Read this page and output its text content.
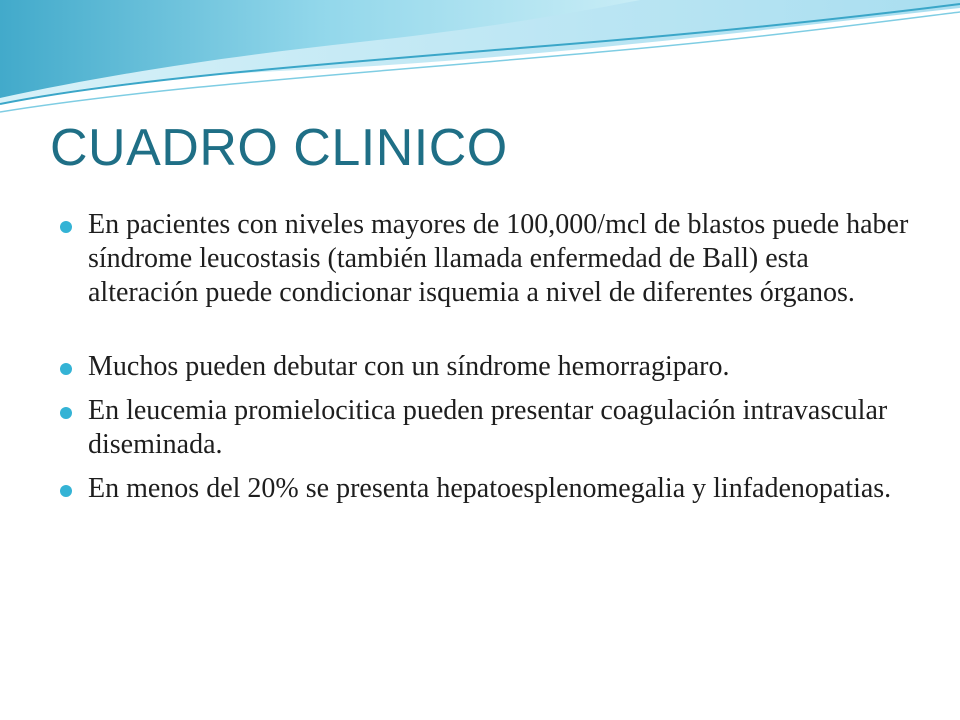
CUADRO CLINICO
En pacientes con niveles mayores de 100,000/mcl de blastos puede haber síndrome leucostasis (también llamada enfermedad de Ball) esta alteración puede condicionar isquemia a nivel de diferentes órganos.
Muchos pueden debutar con un síndrome hemorragiparo.
En leucemia promielocitica pueden presentar coagulación intravascular diseminada.
En menos del 20% se presenta hepatoesplenomegalia y linfadenopatias.
